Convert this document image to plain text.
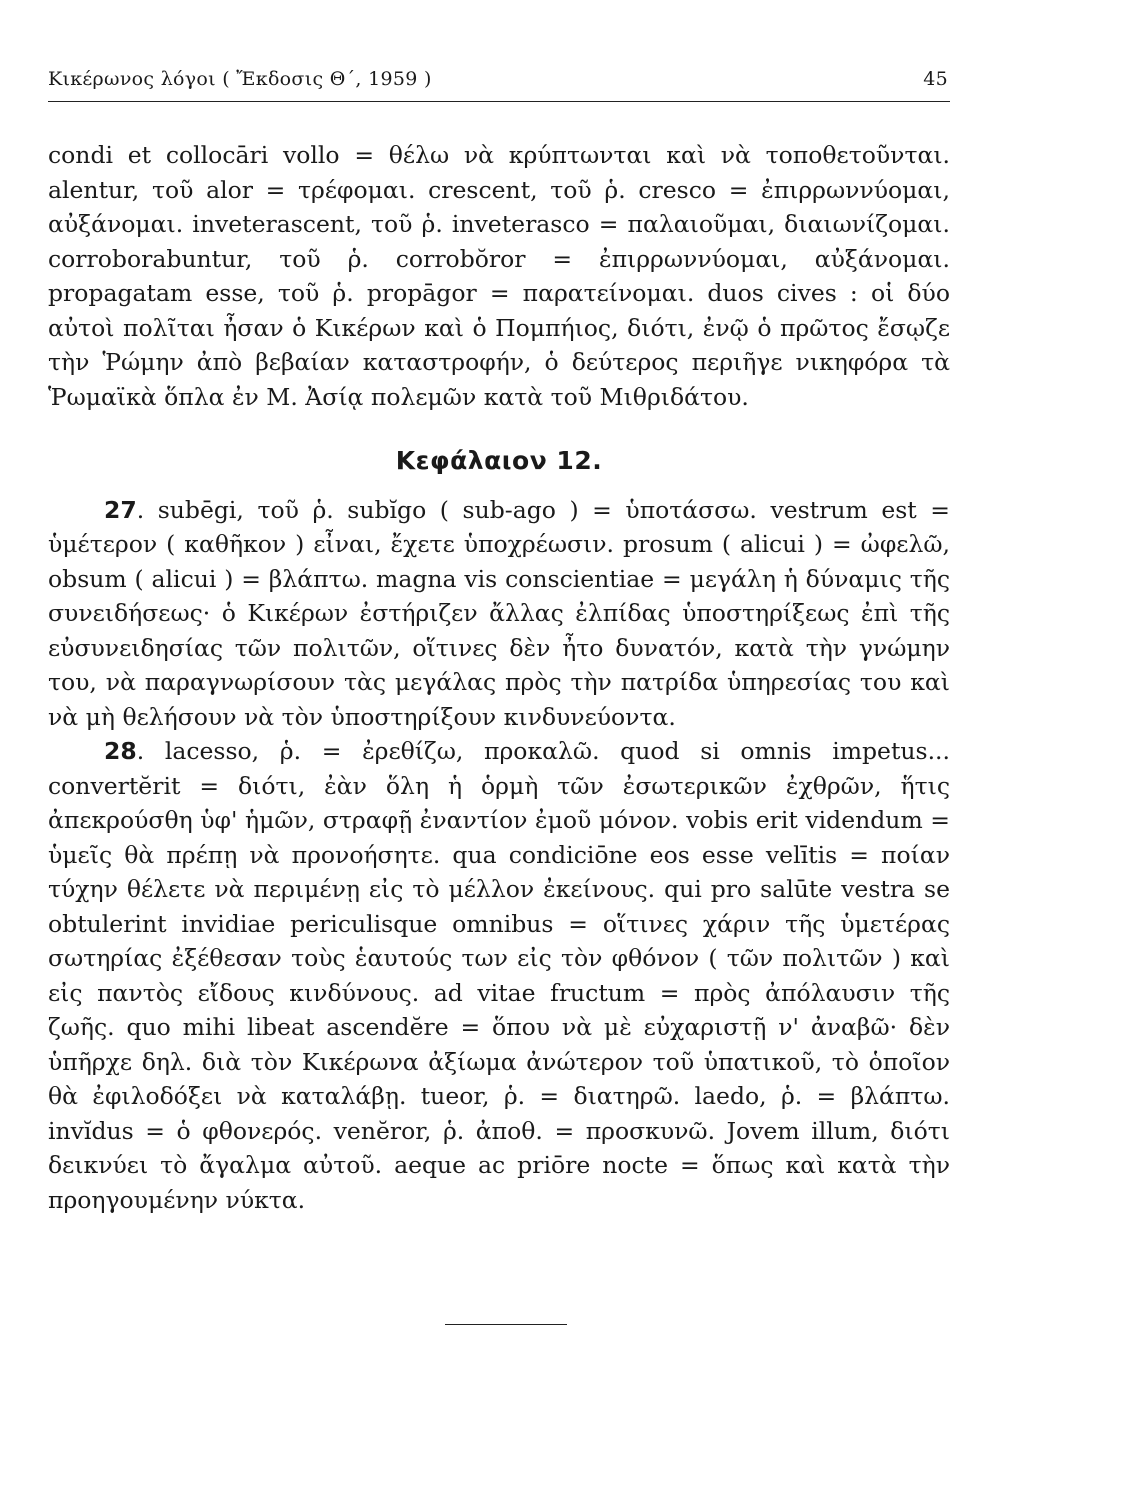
Κικέρωνος λόγοι ( Ἔκδοσις Θ΄, 1959 )	45

condi et collocāri vollo = θέλω νὰ κρύπτωνται καὶ νὰ τοποθετοῦνται. alentur, τοῦ alor = τρέφομαι. crescent, τοῦ ῥ. cresco = ἐπιρρωννύομαι, αὐξάνομαι. inveterascent, τοῦ ῥ. inveterasco = παλαιοῦμαι, διαιωνίζομαι. corroborabuntur, τοῦ ῥ. corrobŏror = ἐπιρρωννύομαι, αὐξάνομαι. propagatam esse, τοῦ ῥ. propāgor = παρατείνομαι. duos cives : οἱ δύο αὐτοὶ πολῖται ἦσαν ὁ Κικέρων καὶ ὁ Πομπήιος, διότι, ἐνῷ ὁ πρῶτος ἔσῳζε τὴν Ῥώμην ἀπὸ βεβαίαν καταστροφήν, ὁ δεύτερος περιῆγε νικηφόρα τὰ Ῥωμαϊκὰ ὅπλα ἐν Μ. Ἀσίᾳ πολεμῶν κατὰ τοῦ Μιθριδάτου.

Κεφάλαιον 12.

27. subēgi, τοῦ ῥ. subĭgo ( sub-ago ) = ὑποτάσσω. vestrum est = ὑμέτερον ( καθῆκον ) εἶναι, ἔχετε ὑποχρέωσιν. prosum ( alicui ) = ὠφελῶ, obsum ( alicui ) = βλάπτω. magna vis conscientiae = μεγάλη ἡ δύναμις τῆς συνειδήσεως· ὁ Κικέρων ἐστήριζεν ἄλλας ἐλπίδας ὑποστηρίξεως ἐπὶ τῆς εὐσυνειδησίας τῶν πολιτῶν, οἵτινες δὲν ἦτο δυνατόν, κατὰ τὴν γνώμην του, νὰ παραγνωρίσουν τὰς μεγάλας πρὸς τὴν πατρίδα ὑπηρεσίας του καὶ νὰ μὴ θελήσουν νὰ τὸν ὑποστηρίξουν κινδυνεύοντα.

28. lacesso, ῥ. = ἐρεθίζω, προκαλῶ. quod si omnis impetus... convertĕrit = διότι, ἐὰν ὅλη ἡ ὁρμὴ τῶν ἐσωτερικῶν ἐχθρῶν, ἥτις ἀπεκρούσθη ὑφ' ἡμῶν, στραφῇ ἐναντίον ἐμοῦ μόνον. vobis erit videndum = ὑμεῖς θὰ πρέπῃ νὰ προνοήσητε. qua condiciōne eos esse velītis = ποίαν τύχην θέλετε νὰ περιμένῃ εἰς τὸ μέλλον ἐκείνους. qui pro salūte vestra se obtulerint invidiae periculisque omnibus = οἵτινες χάριν τῆς ὑμετέρας σωτηρίας ἐξέθεσαν τοὺς ἑαυτούς των εἰς τὸν φθόνον ( τῶν πολιτῶν ) καὶ εἰς παντὸς εἴδους κινδύνους. ad vitae fructum = πρὸς ἀπόλαυσιν τῆς ζωῆς. quo mihi libeat ascendĕre = ὅπου νὰ μὲ εὐχαριστῇ ν' ἀναβῶ· δὲν ὑπῆρχε δηλ. διὰ τὸν Κικέρωνα ἀξίωμα ἀνώτερον τοῦ ὑπατικοῦ, τὸ ὁποῖον θὰ ἐφιλοδόξει νὰ καταλάβῃ. tueor, ῥ. = διατηρῶ. laedo, ῥ. = βλάπτω. invĭdus = ὁ φθονερός. venĕror, ῥ. ἀποθ. = προσκυνῶ. Jovem illum, διότι δεικνύει τὸ ἄγαλμα αὐτοῦ. aeque ac priōre nocte = ὅπως καὶ κατὰ τὴν προηγουμένην νύκτα.
